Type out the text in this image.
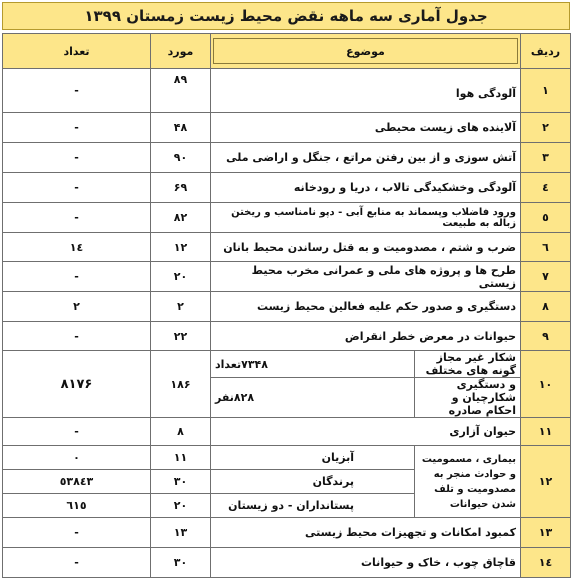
جدول آماری سه ماهه نقض محیط زیست زمستان ۱۳۹۹
ردیف	موضوع		مورد	تعداد
۱	آلودگی هوا		۸۹	-
۲	آلاینده های زیست محیطی		۴۸	-
۳	آتش سوزی و از بین رفتن مراتع ، جنگل و اراضی ملی		۹۰	-
٤	آلودگی وخشکیدگی تالاب ، دریا و رودخانه		۶۹	-
٥	ورود فاضلاب وپسماند به منابع آبی - دپو نامناسب و ریختن زباله به طبیعت		۸۲	-
٦	ضرب و شتم ، مصدومیت و به قتل رساندن محیط بانان		۱۲	١٤
۷	طرح ها و پروژه های ملی و عمرانی مخرب محیط زیستی		۲۰	-
۸	دستگیری و صدور حکم علیه فعالین محیط زیست		۲	۲
۹	حیوانات در معرض خطر انقراض		۲۲	-
۱۰	شکار غیر مجاز گونه های مختلف	۷۳۴۸تعداد	۱۸۶	۸۱۷۶
	و دستگیری شکارچیان و احکام صادره	۸۲۸نفر		
۱۱	حیوان آزاری		۸	-
۱۲	بیماری ، مسمومیت و حوادث منجر به مصدومیت و تلف شدن حیوانات	آبزیان	۱۱	٠
		پرندگان	۳۰	٥٣٨٤٣
		پستانداران - دو زیستان	۲۰	٦١٥
۱۳	کمبود امکانات و تجهیزات محیط زیستی		۱۳	-
١٤	قاچاق چوب ، خاک و حیوانات		۳۰	-
